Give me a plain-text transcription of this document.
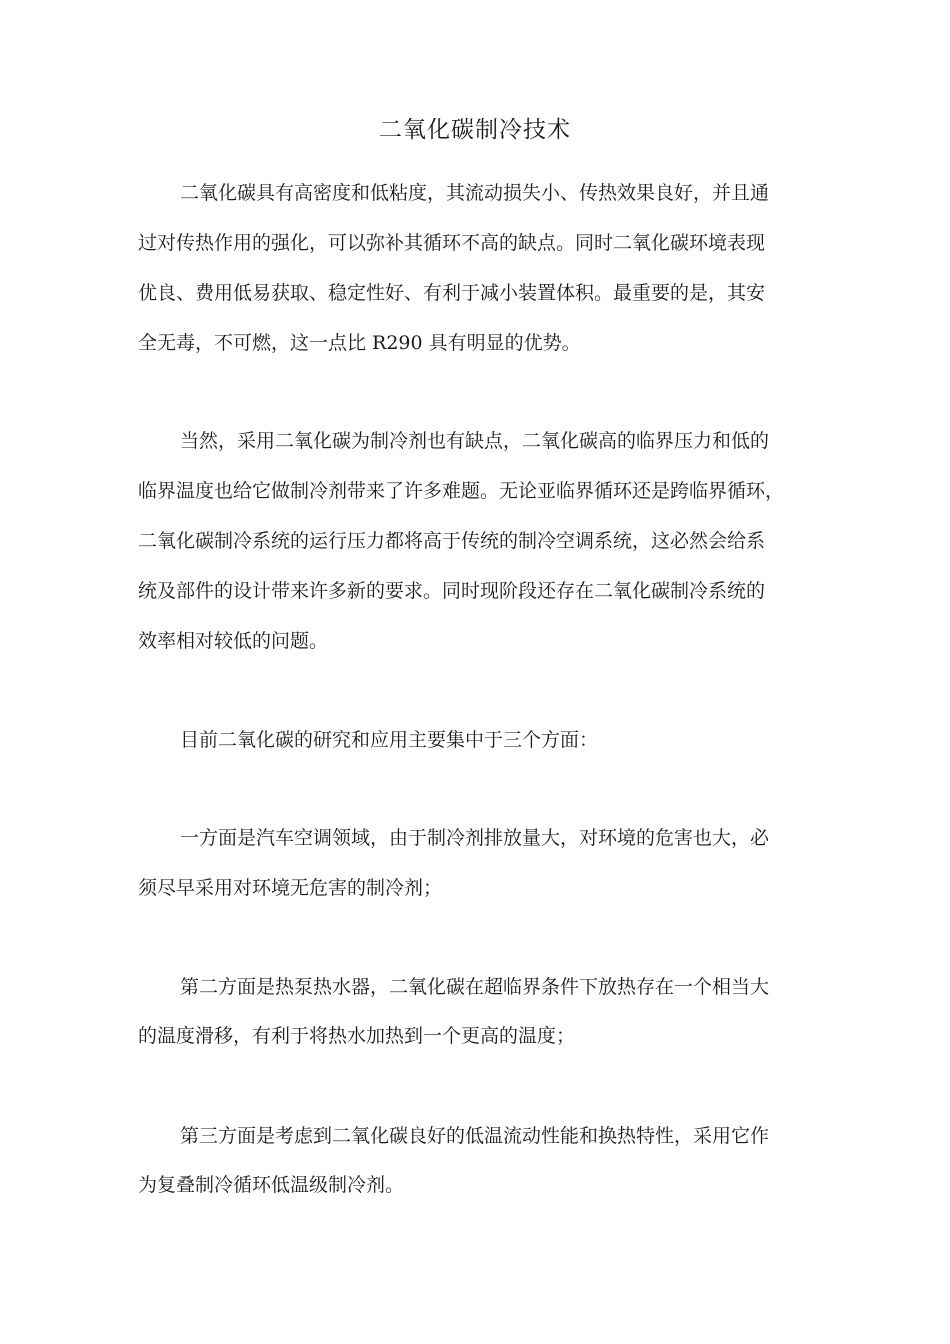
二氧化碳制冷技术

二氧化碳具有高密度和低粘度，其流动损失小、传热效果良好，并且通

过对传热作用的强化，可以弥补其循环不高的缺点。同时二氧化碳环境表现

优良、费用低易获取、稳定性好、有利于减小装置体积。最重要的是，其安

全无毒，不可燃，这一点比 R290 具有明显的优势。

当然，采用二氧化碳为制冷剂也有缺点，二氧化碳高的临界压力和低的

临界温度也给它做制冷剂带来了许多难题。无论亚临界循环还是跨临界循环，

二氧化碳制冷系统的运行压力都将高于传统的制冷空调系统，这必然会给系

统及部件的设计带来许多新的要求。同时现阶段还存在二氧化碳制冷系统的

效率相对较低的问题。

目前二氧化碳的研究和应用主要集中于三个方面：

一方面是汽车空调领域，由于制冷剂排放量大，对环境的危害也大，必

须尽早采用对环境无危害的制冷剂；

第二方面是热泵热水器，二氧化碳在超临界条件下放热存在一个相当大

的温度滑移，有利于将热水加热到一个更高的温度；

第三方面是考虑到二氧化碳良好的低温流动性能和换热特性，采用它作

为复叠制冷循环低温级制冷剂。
